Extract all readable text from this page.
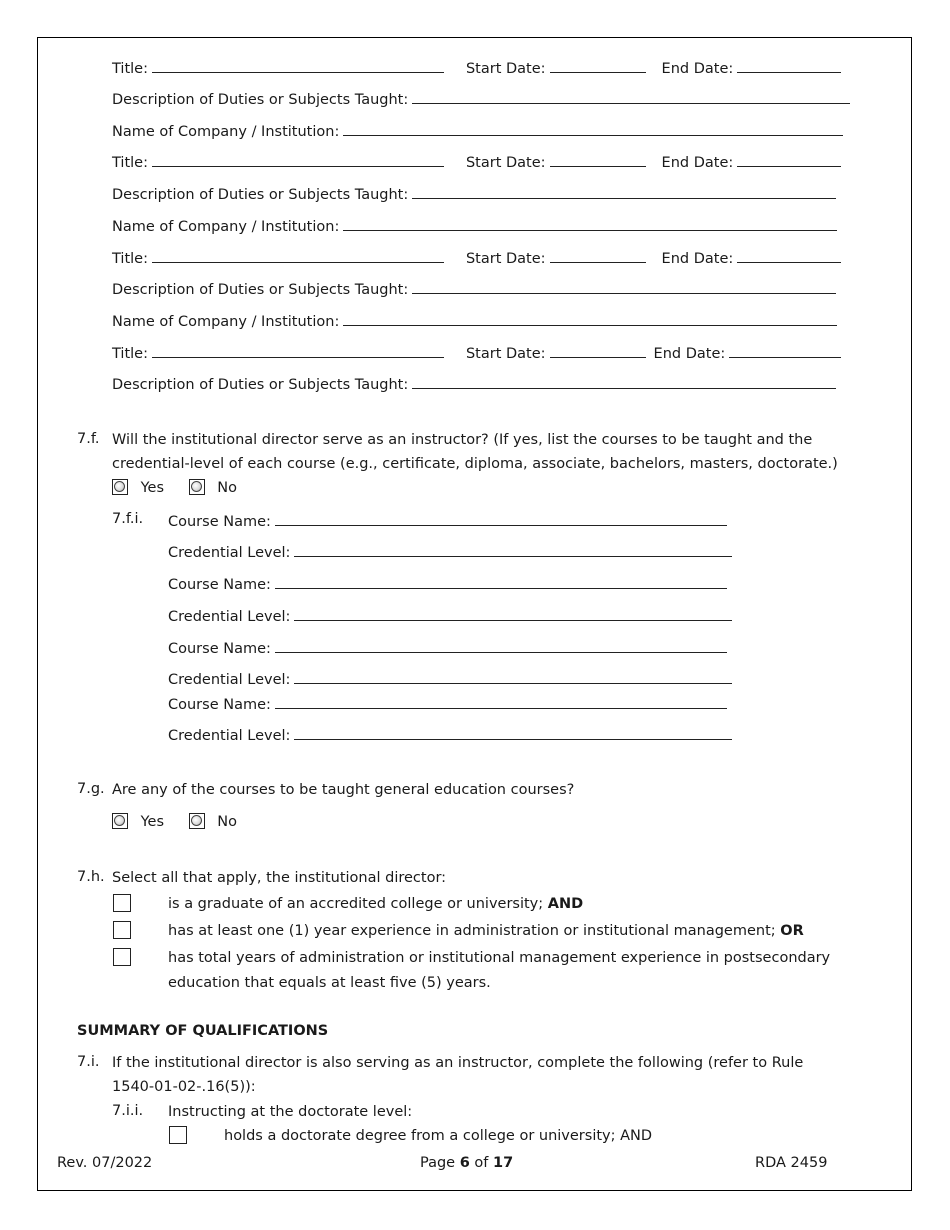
Title:	Start Date:	End Date:
Description of Duties or Subjects Taught:
Name of Company / Institution:
Title:	Start Date:	End Date:
Description of Duties or Subjects Taught:
Name of Company / Institution:
Title:	Start Date:	End Date:
Description of Duties or Subjects Taught:
Name of Company / Institution:
Title:	Start Date:	End Date:
Description of Duties or Subjects Taught:
7.f. Will the institutional director serve as an instructor? (If yes, list the courses to be taught and the
credential-level of each course (e.g., certificate, diploma, associate, bachelors, masters, doctorate.)
Yes	No
7.f.i. Course Name:
Credential Level:
Course Name:
Credential Level:
Course Name:
Credential Level:
Course Name:
Credential Level:
7.g. Are any of the courses to be taught general education courses?
Yes	No
7.h. Select all that apply, the institutional director:
is a graduate of an accredited college or university; AND
has at least one (1) year experience in administration or institutional management; OR
has total years of administration or institutional management experience in postsecondary
education that equals at least five (5) years.
SUMMARY OF QUALIFICATIONS
7.i. If the institutional director is also serving as an instructor, complete the following (refer to Rule
1540-01-02-.16(5)):
7.i.i. Instructing at the doctorate level:
holds a doctorate degree from a college or university; AND
Rev. 07/2022	Page 6 of 17	RDA 2459
